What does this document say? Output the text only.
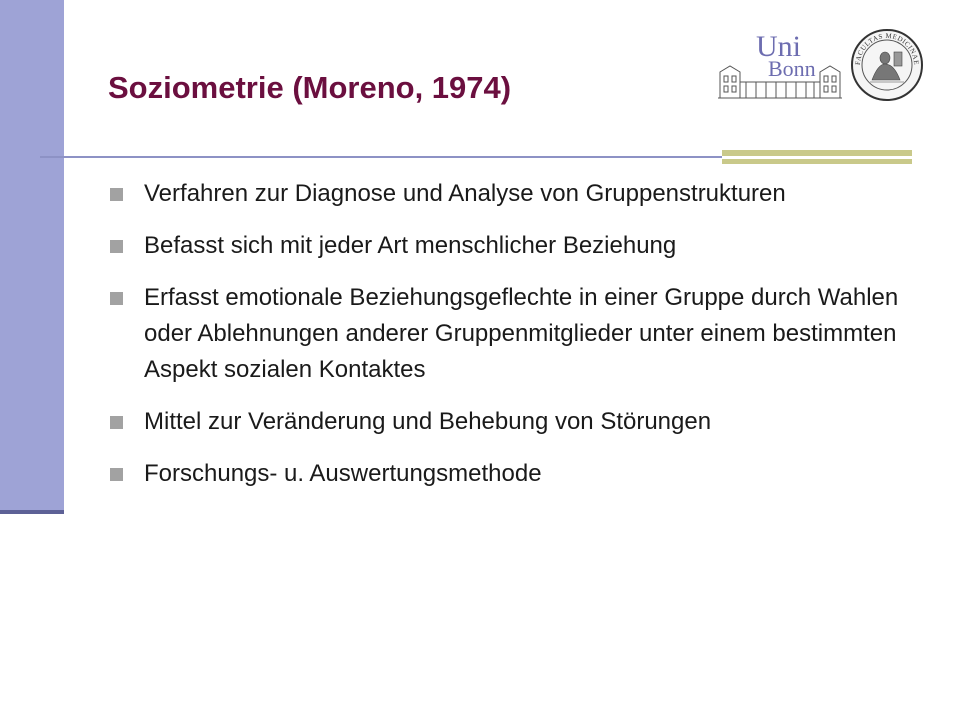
Soziometrie (Moreno, 1974)
Uni
Bonn	FACULTAS MEDICINAE
Verfahren zur Diagnose und Analyse von Gruppenstrukturen
Befasst sich mit jeder Art menschlicher Beziehung
Erfasst emotionale Beziehungsgeflechte in einer Gruppe durch Wahlen oder Ablehnungen anderer Gruppenmitglieder unter einem bestimmten Aspekt sozialen Kontaktes
Mittel zur Veränderung und Behebung von Störungen
Forschungs- u. Auswertungsmethode
